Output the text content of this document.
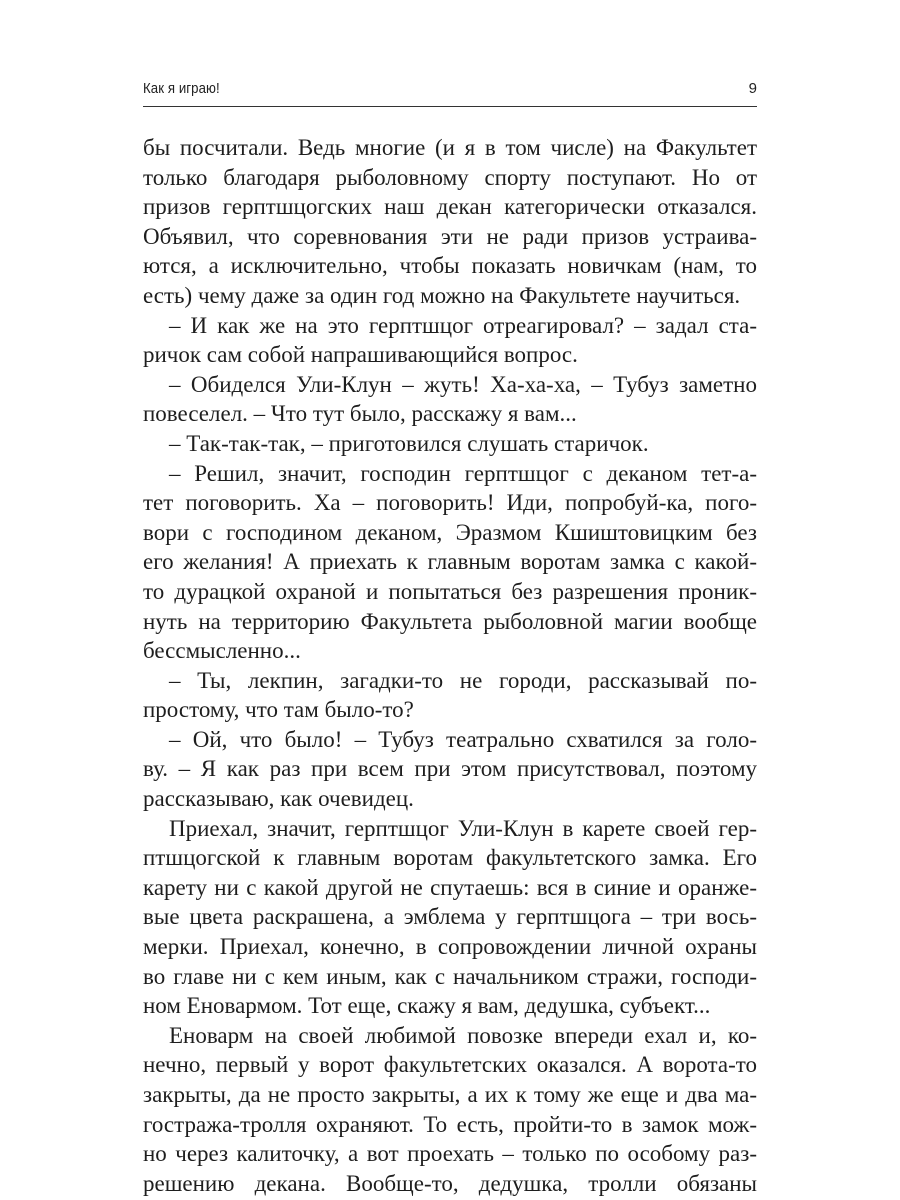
Как я играю!	9
бы посчитали. Ведь многие (и я в том числе) на Факультет
только благодаря рыболовному спорту поступают. Но от
призов герптшцогских наш декан категорически отказался.
Объявил, что соревнования эти не ради призов устраива-
ются, а исключительно, чтобы показать новичкам (нам, то
есть) чему даже за один год можно на Факультете научиться.
– И как же на это герптшцог отреагировал? – задал ста-
ричок сам собой напрашивающийся вопрос.
– Обиделся Ули-Клун – жуть! Ха-ха-ха, – Тубуз заметно
повеселел. – Что тут было, расскажу я вам...
– Так-так-так, – приготовился слушать старичок.
– Решил, значит, господин герптшцог с деканом тет-а-
тет поговорить. Ха – поговорить! Иди, попробуй-ка, пого-
вори с господином деканом, Эразмом Кшиштовицким без
его желания! А приехать к главным воротам замка с какой-
то дурацкой охраной и попытаться без разрешения проник-
нуть на территорию Факультета рыболовной магии вообще
бессмысленно...
– Ты, лекпин, загадки-то не городи, рассказывай по-
простому, что там было-то?
– Ой, что было! – Тубуз театрально схватился за голо-
ву. – Я как раз при всем при этом присутствовал, поэтому
рассказываю, как очевидец.
Приехал, значит, герптшцог Ули-Клун в карете своей гер-
птшцогской к главным воротам факультетского замка. Его
карету ни с какой другой не спутаешь: вся в синие и оранже-
вые цвета раскрашена, а эмблема у герптшцога – три вось-
мерки. Приехал, конечно, в сопровождении личной охраны
во главе ни с кем иным, как с начальником стражи, господи-
ном Еновармом. Тот еще, скажу я вам, дедушка, субъект...
Еноварм на своей любимой повозке впереди ехал и, ко-
нечно, первый у ворот факультетских оказался. А ворота-то
закрыты, да не просто закрыты, а их к тому же еще и два ма-
гостража-тролля охраняют. То есть, пройти-то в замок мож-
но через калиточку, а вот проехать – только по особому раз-
решению декана. Вообще-то, дедушка, тролли обязаны
